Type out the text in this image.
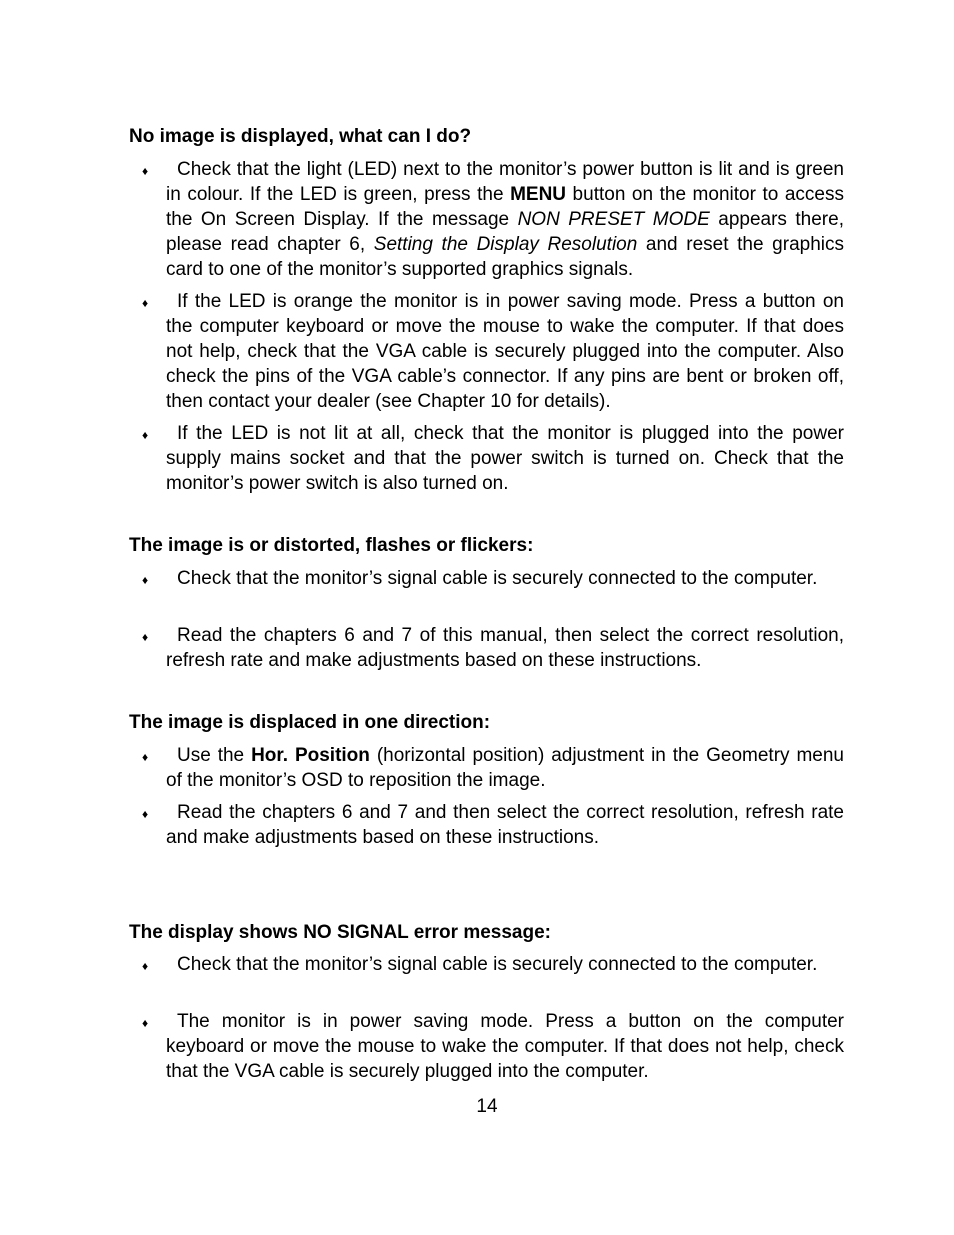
No image is displayed, what can I do?
♦	Check that the light (LED) next to the monitor’s power button is lit and is green in colour. If the LED is green, press the MENU button on the monitor to access the On Screen Display. If the message NON PRESET MODE appears there, please read chapter 6, Setting the Display Resolution and reset the graphics card to one of the monitor’s supported graphics signals.
♦	If the LED is orange the monitor is in power saving mode. Press a button on the computer keyboard or move the mouse to wake the computer. If that does not help, check that the VGA cable is securely plugged into the computer. Also check the pins of the VGA cable’s connector. If any pins are bent or broken off, then contact your dealer (see Chapter 10 for details).
♦	If the LED is not lit at all, check that the monitor is plugged into the power supply mains socket and that the power switch is turned on. Check that the monitor’s power switch is also turned on.
The image is or distorted, flashes or flickers:
♦	Check that the monitor’s signal cable is securely connected to the computer.
♦	Read the chapters 6 and 7 of this manual, then select the correct resolution, refresh rate and make adjustments based on these instructions.
The image is displaced in one direction:
♦	Use the Hor. Position (horizontal position) adjustment in the Geometry menu of the monitor’s OSD to reposition the image.
♦	Read the chapters 6 and 7 and then select the correct resolution, refresh rate and make adjustments based on these instructions.
The display shows NO SIGNAL error message:
♦	Check that the monitor’s signal cable is securely connected to the computer.
♦	The monitor is in power saving mode. Press a button on the computer keyboard or move the mouse to wake the computer. If that does not help, check that the VGA cable is securely plugged into the computer.
14
